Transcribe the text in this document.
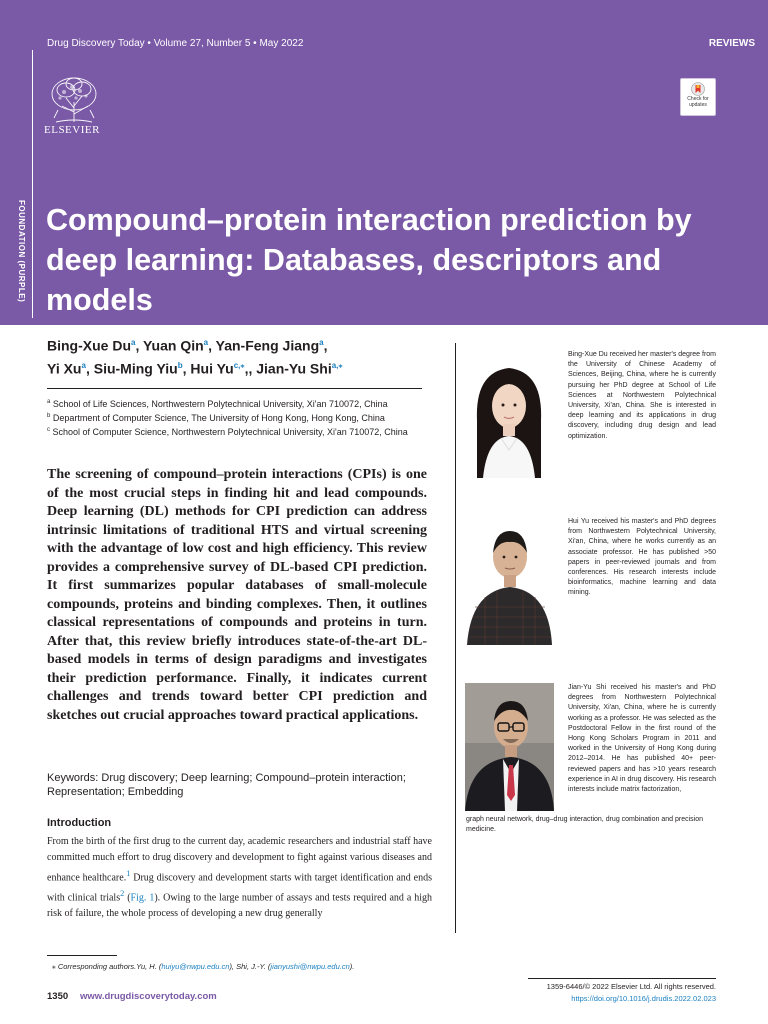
Drug Discovery Today • Volume 27, Number 5 • May 2022	REVIEWS
FOUNDATION (PURPLE)
ELSEVIER
Check for
updates
Compound–protein interaction prediction by deep learning: Databases, descriptors and models
Bing-Xue Du$^a$, Yuan Qin$^a$, Yan-Feng Jiang$^a$,
Yi Xu$^a$, Siu-Ming Yiu$^b$, Hui $Yu^{c,⁎}$,, Jian-Yu Shi$^{a,⁎}$
$^a$ School of Life Sciences, Northwestern Polytechnical University, Xi'an 710072, China
$^b$ Department of Computer Science, The University of Hong Kong, Hong Kong, China
$^c$ School of Computer Science, Northwestern Polytechnical University, Xi'an 710072, China
The screening of compound–protein interactions (CPIs) is one of the most crucial steps in finding hit and lead compounds. Deep learning (DL) methods for CPI prediction can address intrinsic limitations of traditional HTS and virtual screening with the advantage of low cost and high efficiency. This review provides a comprehensive survey of DL-based CPI prediction. It first summarizes popular databases of small-molecule compounds, proteins and binding complexes. Then, it outlines classical representations of compounds and proteins in turn. After that, this review briefly introduces state-of-the-art DL-based models in terms of design paradigms and investigates their prediction performance. Finally, it indicates current challenges and trends toward better CPI prediction and sketches out crucial approaches toward practical applications.
Keywords: Drug discovery; Deep learning; Compound–protein interaction; Representation; Embedding
Introduction
From the birth of the first drug to the current day, academic researchers and industrial staff have committed much effort to drug discovery and development to fight against various diseases and enhance healthcare.$^1$ Drug discovery and development starts with target identification and ends with clinical trials$^2$ (Fig. 1). Owing to the large number of assays and tests required and a high risk of failure, the whole process of developing a new drug generally
Bing-Xue Du received her master's degree from the University of Chinese Academy of Sciences, Beijing, China, where he is currently pursuing her PhD degree at School of Life Sciences at Northwestern Polytechnical University, Xi'an, China. She is interested in deep learning and its applications in drug discovery, including drug design and lead optimization.
Hui Yu received his master's and PhD degrees from Northwestern Polytechnical University, Xi'an, China, where he works currently as an associate professor. He has published >50 papers in peer-reviewed journals and from conferences. His research interests include bioinformatics, machine learning and data mining.
Jian-Yu Shi received his master's and PhD degrees from Northwestern Polytechnical University, Xi'an, China, where he is currently working as a professor. He was selected as the Postdoctoral Fellow in the first round of the Hong Kong Scholars Program in 2011 and worked in the University of Hong Kong during 2012–2014. He has published 40+ peer-reviewed papers and has >10 years research experience in AI in drug discovery. His research interests include matrix factorization,
graph neural network, drug–drug interaction, drug combination and precision medicine.
⁎ Corresponding authors.Yu, H. (huiyu@nwpu.edu.cn), Shi, J.-Y. (jianyushi@nwpu.edu.cn).
1350 www.drugdiscoverytoday.com
1359-6446/© 2022 Elsevier Ltd. All rights reserved.
https://doi.org/10.1016/j.drudis.2022.02.023
